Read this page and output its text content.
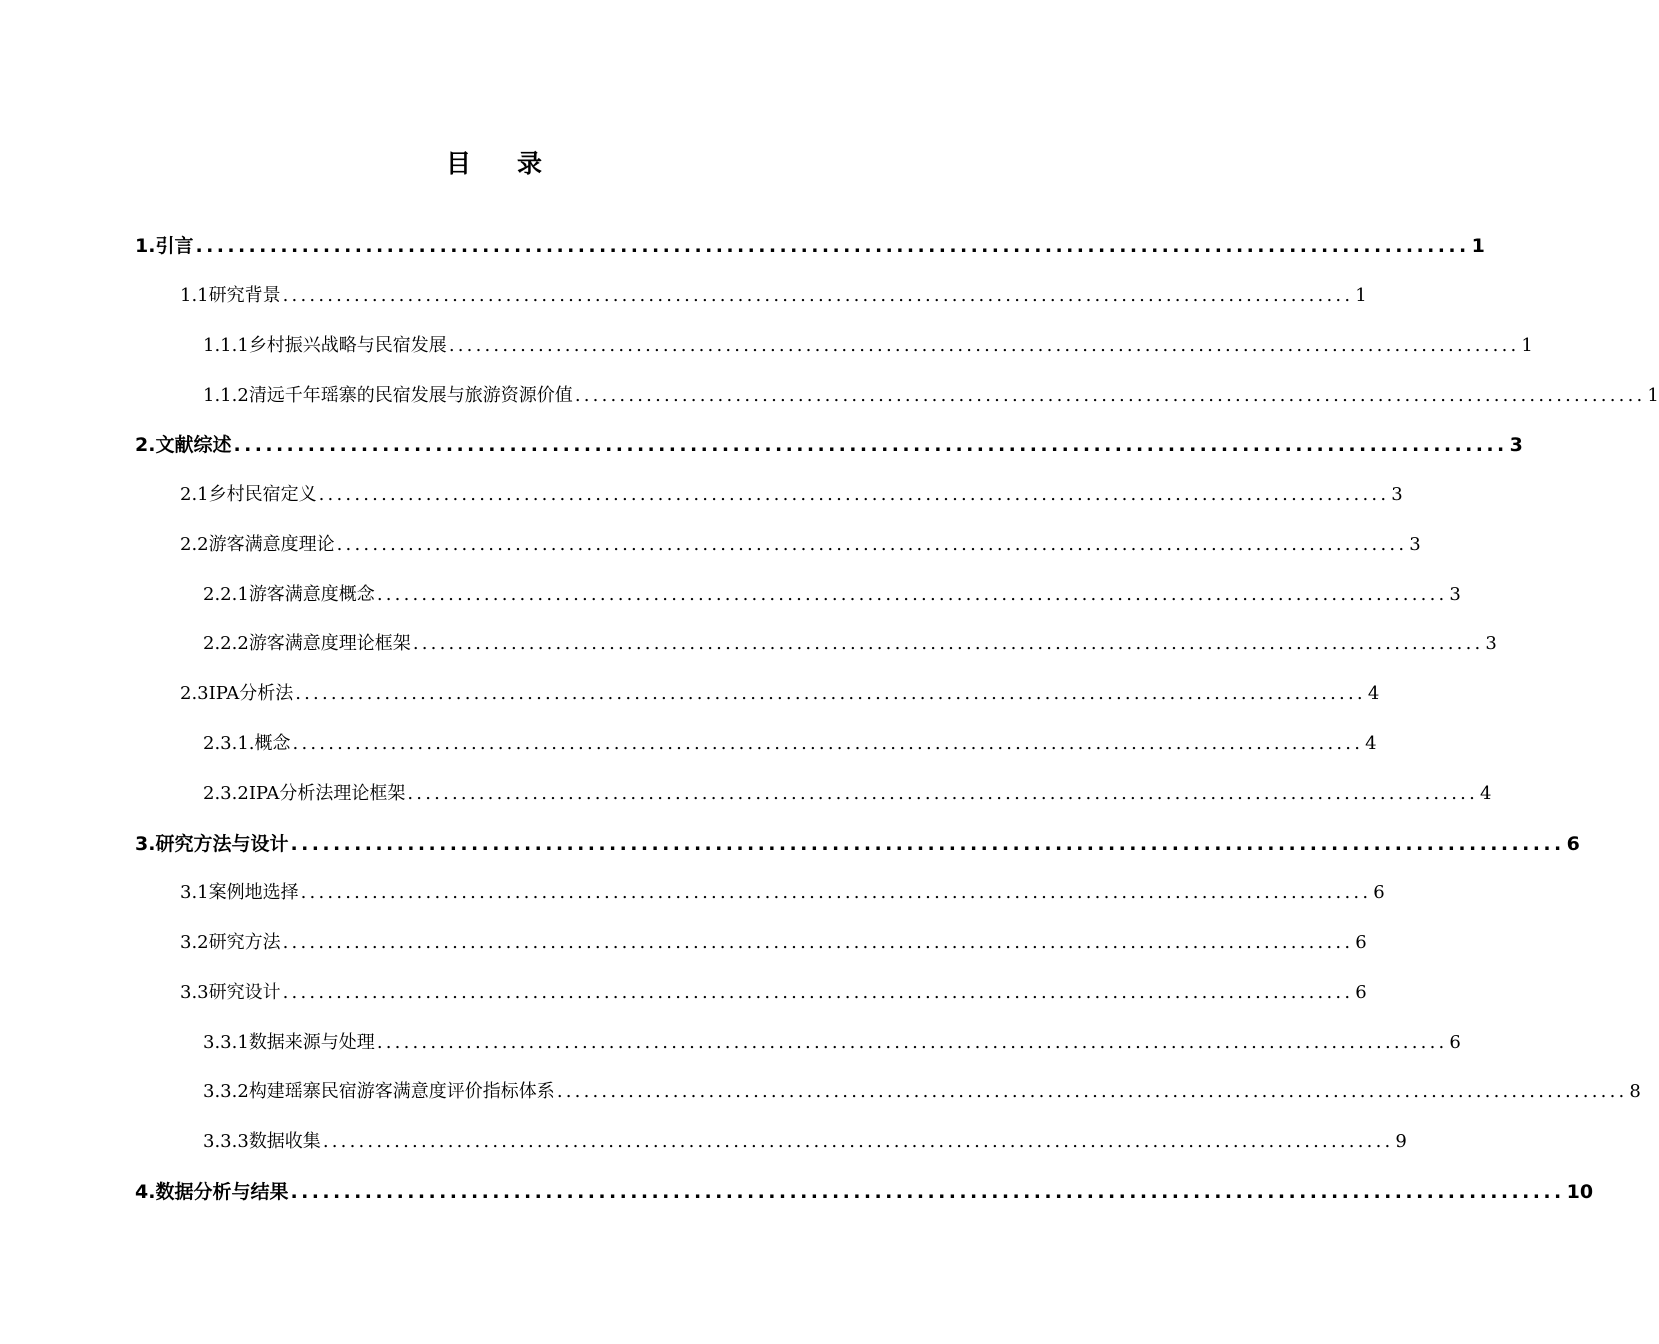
目 录
1.引言 ........................................................................................................................ 1
1.1研究背景 ........................................................................................................................ 1
1.1.1乡村振兴战略与民宿发展 ........................................................................................................................ 1
1.1.2清远千年瑶寨的民宿发展与旅游资源价值 ........................................................................................................................ 1
2.文献综述 ........................................................................................................................ 3
2.1乡村民宿定义 ........................................................................................................................ 3
2.2游客满意度理论 ........................................................................................................................ 3
2.2.1游客满意度概念 ........................................................................................................................ 3
2.2.2游客满意度理论框架 ........................................................................................................................ 3
2.3IPA分析法 ........................................................................................................................ 4
2.3.1.概念 ........................................................................................................................ 4
2.3.2IPA分析法理论框架 ........................................................................................................................ 4
3.研究方法与设计 ........................................................................................................................ 6
3.1案例地选择 ........................................................................................................................ 6
3.2研究方法 ........................................................................................................................ 6
3.3研究设计 ........................................................................................................................ 6
3.3.1数据来源与处理 ........................................................................................................................ 6
3.3.2构建瑶寨民宿游客满意度评价指标体系 ........................................................................................................................ 8
3.3.3数据收集 ........................................................................................................................ 9
4.数据分析与结果 ........................................................................................................................ 10
